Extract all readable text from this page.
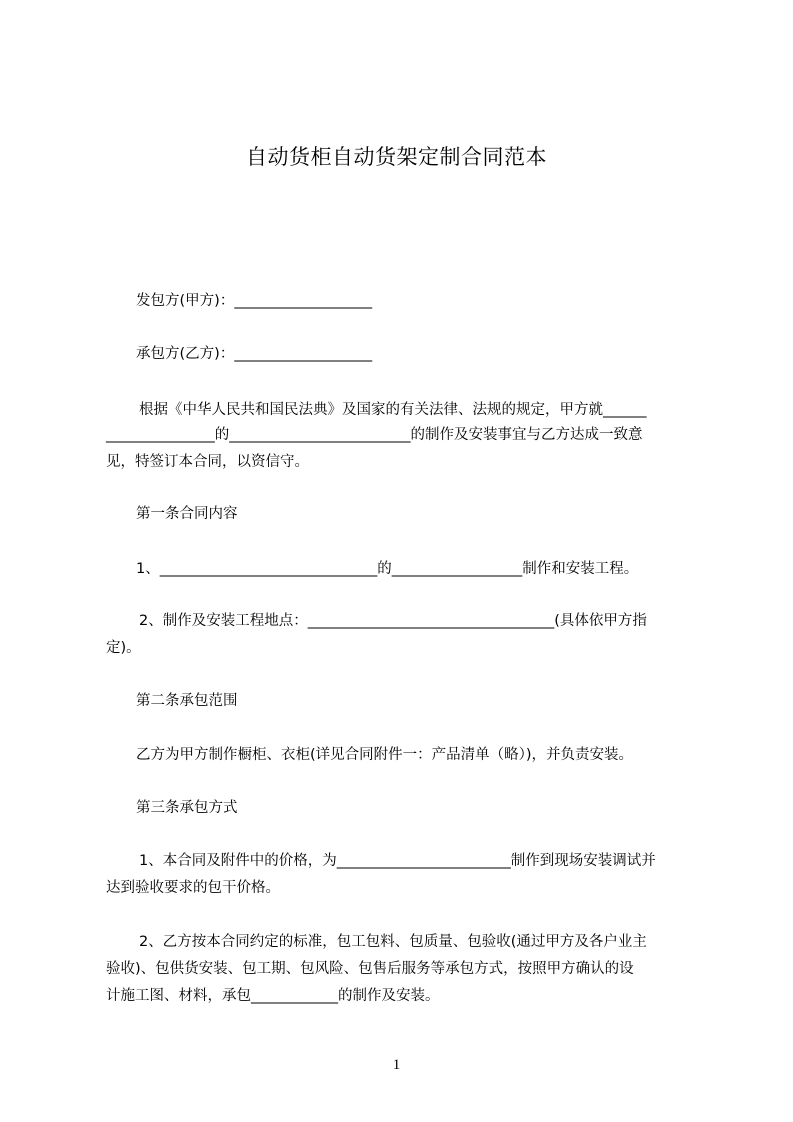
自动货柜自动货架定制合同范本
发包方(甲方)：___________________
承包方(乙方)：___________________
根据《中华人民共和国民法典》及国家的有关法律、法规的规定，甲方就______
_______________的_________________________的制作及安装事宜与乙方达成一致意
见，特签订本合同，以资信守。
第一条合同内容
1、______________________________的__________________制作和安装工程。
2、制作及安装工程地点：__________________________________(具体依甲方指
定)。
第二条承包范围
乙方为甲方制作橱柜、衣柜(详见合同附件一：产品清单（略）)，并负责安装。
第三条承包方式
1、本合同及附件中的价格，为________________________制作到现场安装调试并
达到验收要求的包干价格。
2、乙方按本合同约定的标准，包工包料、包质量、包验收(通过甲方及各户业主
验收)、包供货安装、包工期、包风险、包售后服务等承包方式，按照甲方确认的设
计施工图、材料，承包____________的制作及安装。
1
